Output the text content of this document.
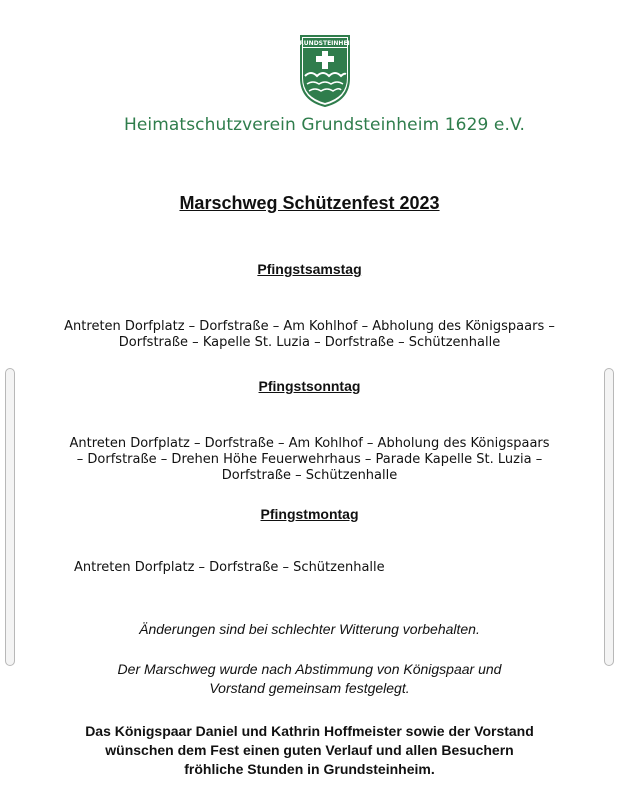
GRUNDSTEINHEIM
Heimatschutzverein Grundsteinheim 1629 e.V.
Marschweg Schützenfest 2023
Pfingstsamstag
Antreten Dorfplatz – Dorfstraße – Am Kohlhof – Abholung des Königspaars –
Dorfstraße – Kapelle St. Luzia – Dorfstraße – Schützenhalle
Pfingstsonntag
Antreten Dorfplatz – Dorfstraße – Am Kohlhof – Abholung des Königspaars
– Dorfstraße – Drehen Höhe Feuerwehrhaus – Parade Kapelle St. Luzia –
Dorfstraße – Schützenhalle
Pfingstmontag
Antreten Dorfplatz – Dorfstraße – Schützenhalle
Änderungen sind bei schlechter Witterung vorbehalten.
Der Marschweg wurde nach Abstimmung von Königspaar und
Vorstand gemeinsam festgelegt.
Das Königspaar Daniel und Kathrin Hoffmeister sowie der Vorstand
wünschen dem Fest einen guten Verlauf und allen Besuchern
fröhliche Stunden in Grundsteinheim.
